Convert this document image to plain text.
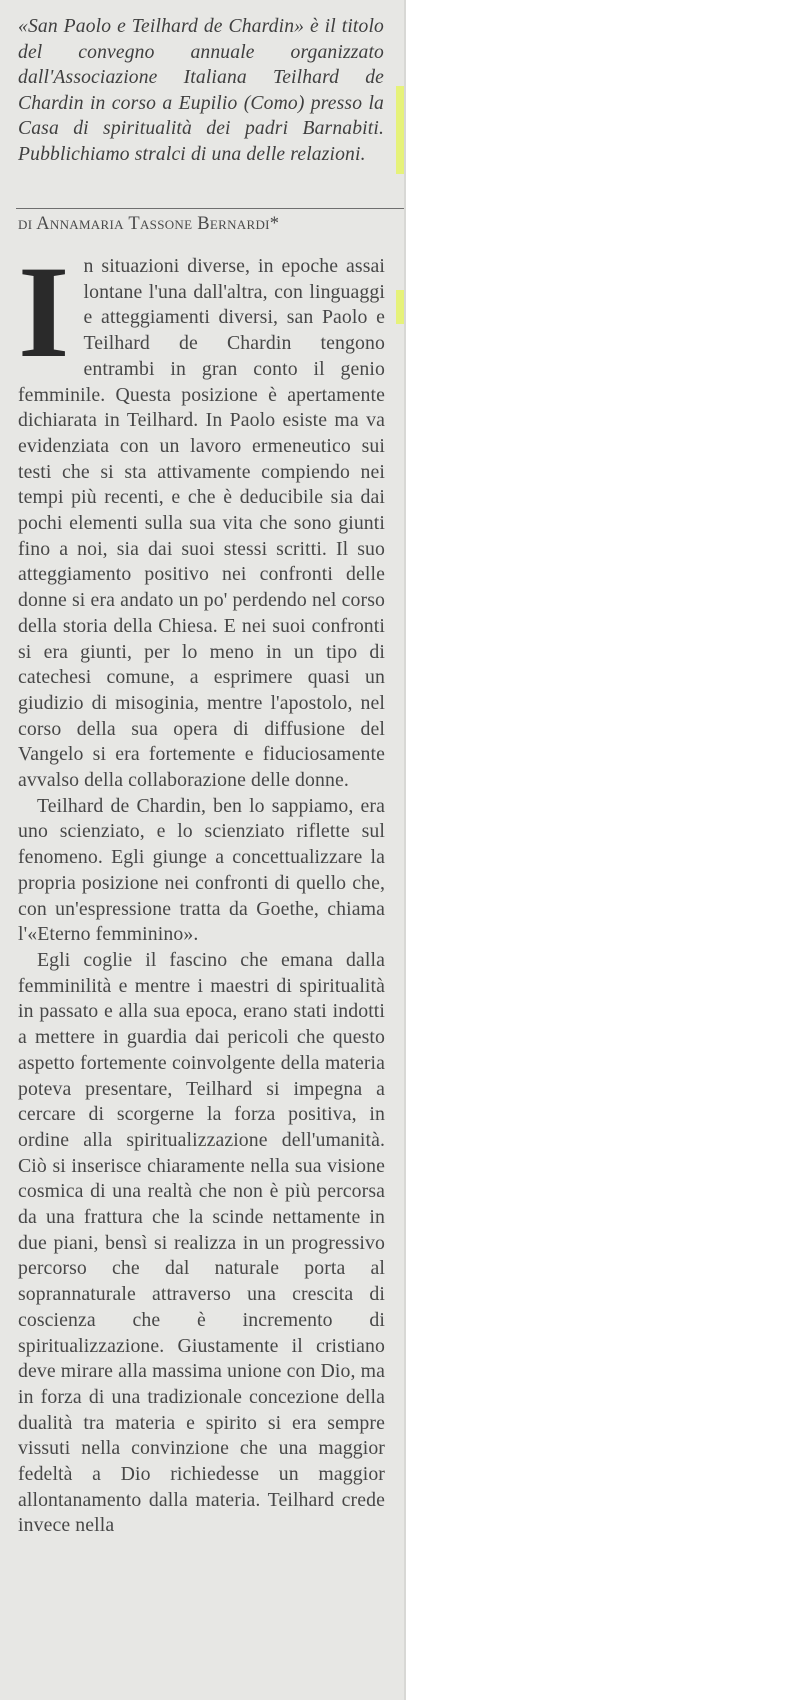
«San Paolo e Teilhard de Chardin» è il titolo del convegno annuale organizzato dall'Associazione Italiana Teilhard de Chardin in corso a Eupilio (Como) presso la Casa di spiritualità dei padri Barnabiti. Pubblichiamo stralci di una delle relazioni.

di Annamaria Tassone Bernardi*

In situazioni diverse, in epoche assai lontane l'una dall'altra, con linguaggi e atteggiamenti diversi, san Paolo e Teilhard de Chardin tengono entrambi in gran conto il genio femminile. Questa posizione è apertamente dichiarata in Teilhard. In Paolo esiste ma va evidenziata con un lavoro ermeneutico sui testi che si sta attivamente compiendo nei tempi più recenti, e che è deducibile sia dai pochi elementi sulla sua vita che sono giunti fino a noi, sia dai suoi stessi scritti. Il suo atteggiamento positivo nei confronti delle donne si era andato un po' perdendo nel corso della storia della Chiesa. E nei suoi confronti si era giunti, per lo meno in un tipo di catechesi comune, a esprimere quasi un giudizio di misoginia, mentre l'apostolo, nel corso della sua opera di diffusione del Vangelo si era fortemente e fiduciosamente avvalso della collaborazione delle donne.

Teilhard de Chardin, ben lo sappiamo, era uno scienziato, e lo scienziato riflette sul fenomeno. Egli giunge a concettualizzare la propria posizione nei confronti di quello che, con un'espressione tratta da Goethe, chiama l'«Eterno femminino».

Egli coglie il fascino che emana dalla femminilità e mentre i maestri di spiritualità in passato e alla sua epoca, erano stati indotti a mettere in guardia dai pericoli che questo aspetto fortemente coinvolgente della materia poteva presentare, Teilhard si impegna a cercare di scorgerne la forza positiva, in ordine alla spiritualizzazione dell'umanità. Ciò si inserisce chiaramente nella sua visione cosmica di una realtà che non è più percorsa da una frattura che la scinde nettamente in due piani, bensì si realizza in un progressivo percorso che dal naturale porta al soprannaturale attraverso una crescita di coscienza che è incremento di spiritualizzazione. Giustamente il cristiano deve mirare alla massima unione con Dio, ma in forza di una tradizionale concezione della dualità tra materia e spirito si era sempre vissuti nella convinzione che una maggior fedeltà a Dio richiedesse un maggior allontanamento dalla materia. Teilhard crede invece nella
